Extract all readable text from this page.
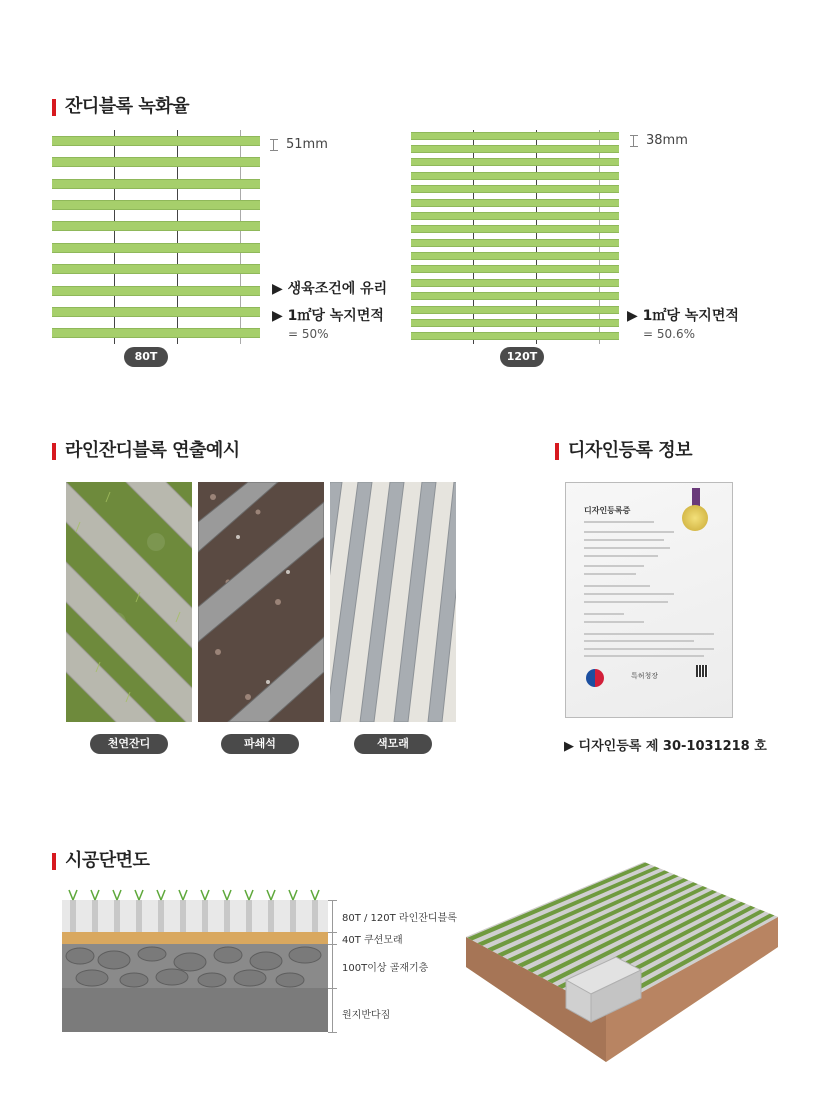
잔디블록 녹화율
51mm
▶ 생육조건에 유리
▶ 1㎡당 녹지면적
= 50%
80T
38mm
▶ 1㎡당 녹지면적
= 50.6%
120T
라인잔디블록 연출예시	디자인등록 정보
천연잔디	파쇄석	색모래
디자인등록증
특허청장
▶ 디자인등록 제 30-1031218 호
시공단면도
80T / 120T 라인잔디블록
40T 쿠션모래
100T이상 골재기층
원지반다짐
